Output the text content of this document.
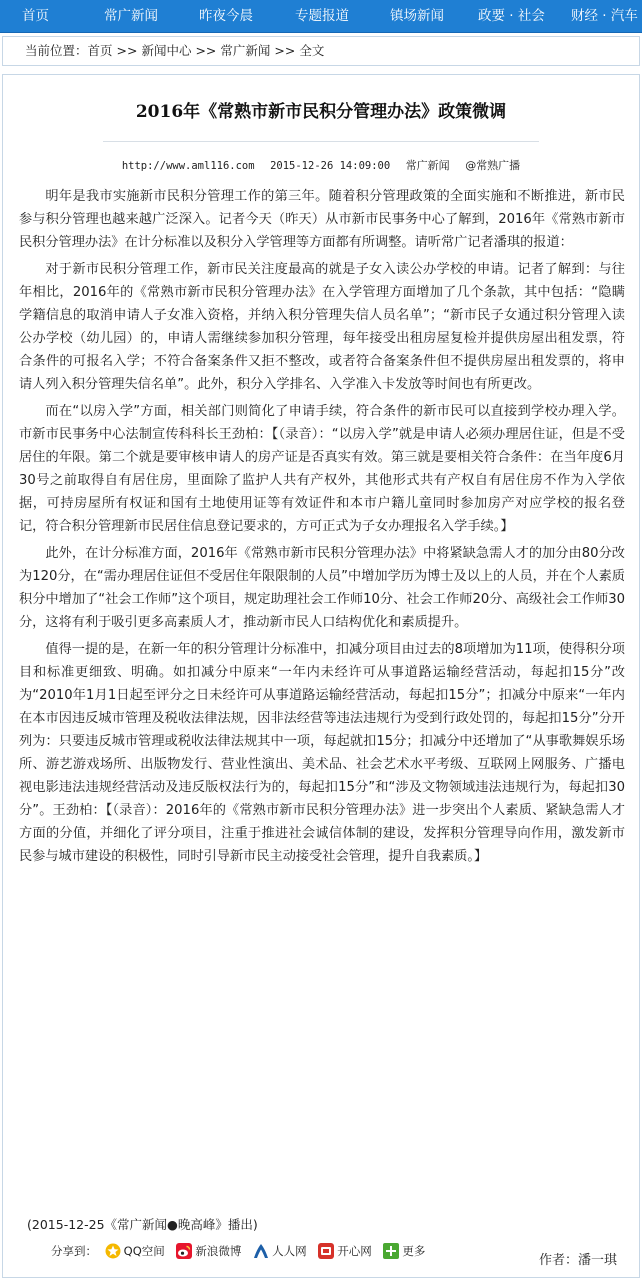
首页	常广新闻	昨夜今晨	专题报道	镇场新闻	政要 · 社会 财经 · 汽车
当前位置：首页 >> 新闻中心 >> 常广新闻 >> 全文
2016年《常熟市新市民积分管理办法》政策微调
http://www.aml116.com 2015-12-26 14:09:00 常广新闻 @常熟广播

明年是我市实施新市民积分管理工作的第三年。随着积分管理政策的全面实施和不断推进，新市民参与积分管理也越来越广泛深入。记者今天（昨天）从市新市民事务中心了解到，2016年《常熟市新市民积分管理办法》在计分标准以及积分入学管理等方面都有所调整。请听常广记者潘琪的报道：

对于新市民积分管理工作，新市民关注度最高的就是子女入读公办学校的申请。记者了解到：与往年相比，2016年的《常熟市新市民积分管理办法》在入学管理方面增加了几个条款，其中包括：“隐瞒学籍信息的取消申请人子女准入资格，并纳入积分管理失信人员名单”；“新市民子女通过积分管理入读公办学校（幼儿园）的，申请人需继续参加积分管理，每年接受出租房屋复检并提供房屋出租发票，符合条件的可报名入学；不符合备案条件又拒不整改，或者符合备案条件但不提供房屋出租发票的，将申请人列入积分管理失信名单”。此外，积分入学排名、入学准入卡发放等时间也有所更改。

而在“以房入学”方面，相关部门则简化了申请手续，符合条件的新市民可以直接到学校办理入学。市新市民事务中心法制宣传科科长王劲柏：【（录音）：“以房入学”就是申请人必须办理居住证，但是不受居住的年限。第二个就是要审核申请人的房产证是否真实有效。第三就是要相关符合条件：在当年度6月30号之前取得自有居住房，里面除了监护人共有产权外，其他形式共有产权自有居住房不作为入学依据，可持房屋所有权证和国有土地使用证等有效证件和本市户籍儿童同时参加房产对应学校的报名登记，符合积分管理新市民居住信息登记要求的，方可正式为子女办理报名入学手续。】

此外，在计分标准方面，2016年《常熟市新市民积分管理办法》中将紧缺急需人才的加分由80分改为120分，在“需办理居住证但不受居住年限限制的人员”中增加学历为博士及以上的人员，并在个人素质积分中增加了“社会工作师”这个项目，规定助理社会工作师10分、社会工作师20分、高级社会工作师30分，这将有利于吸引更多高素质人才，推动新市民人口结构优化和素质提升。

值得一提的是，在新一年的积分管理计分标准中，扣减分项目由过去的8项增加为11项，使得积分项目和标准更细致、明确。如扣减分中原来“一年内未经许可从事道路运输经营活动，每起扣15分”改为“2010年1月1日起至评分之日未经许可从事道路运输经营活动，每起扣15分”；扣减分中原来“一年内在本市因违反城市管理及税收法律法规，因非法经营等违法违规行为受到行政处罚的，每起扣15分”分开列为：只要违反城市管理或税收法律法规其中一项，每起就扣15分；扣减分中还增加了“从事歌舞娱乐场所、游艺游戏场所、出版物发行、营业性演出、美术品、社会艺术水平考级、互联网上网服务、广播电视电影违法违规经营活动及违反版权法行为的，每起扣15分”和“涉及文物领域违法违规行为，每起扣30分”。王劲柏：【（录音）：2016年的《常熟市新市民积分管理办法》进一步突出个人素质、紧缺急需人才方面的分值，并细化了评分项目，注重于推进社会诚信体制的建设，发挥积分管理导向作用，激发新市民参与城市建设的积极性，同时引导新市民主动接受社会管理，提升自我素质。】

(2015-12-25《常广新闻●晚高峰》播出)
分享到： QQ空间	新浪微博	人人网	开心网	更多
作者：潘一琪
